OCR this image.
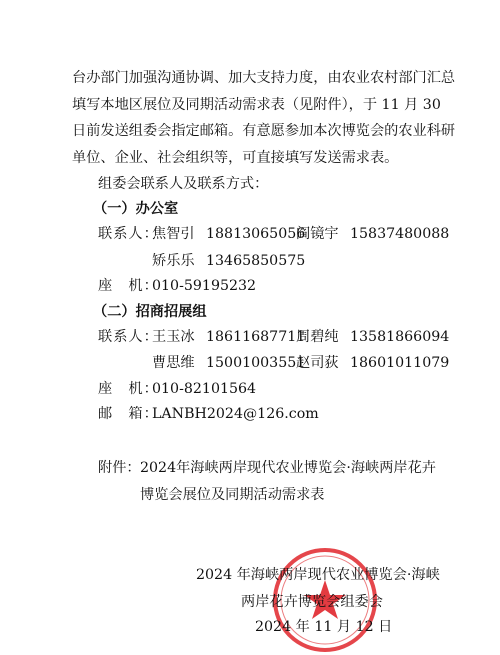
台办部门加强沟通协调、加大支持力度，由农业农村部门汇总
填写本地区展位及同期活动需求表（见附件），于 11 月 30
日前发送组委会指定邮箱。有意愿参加本次博览会的农业科研
单位、企业、社会组织等，可直接填写发送需求表。
组委会联系人及联系方式：
（一）办公室
联系人：
焦智引 18813065056
阎镜宇 15837480088
矫乐乐 13465850575
座　机：
010-59195232
（二）招商招展组
联系人：
王玉冰 18611687711
周碧纯 13581866094
曹思维 15001003551
赵司荻 18601011079
座　机：
010-82101564
邮　箱：
LANBH2024@126.com
附件： 2024年海峡两岸现代农业博览会·海峡两岸花卉
博览会展位及同期活动需求表
2024 年海峡两岸现代农业博览会·海峡
两岸花卉博览会组委会
2024 年 11 月 12 日
